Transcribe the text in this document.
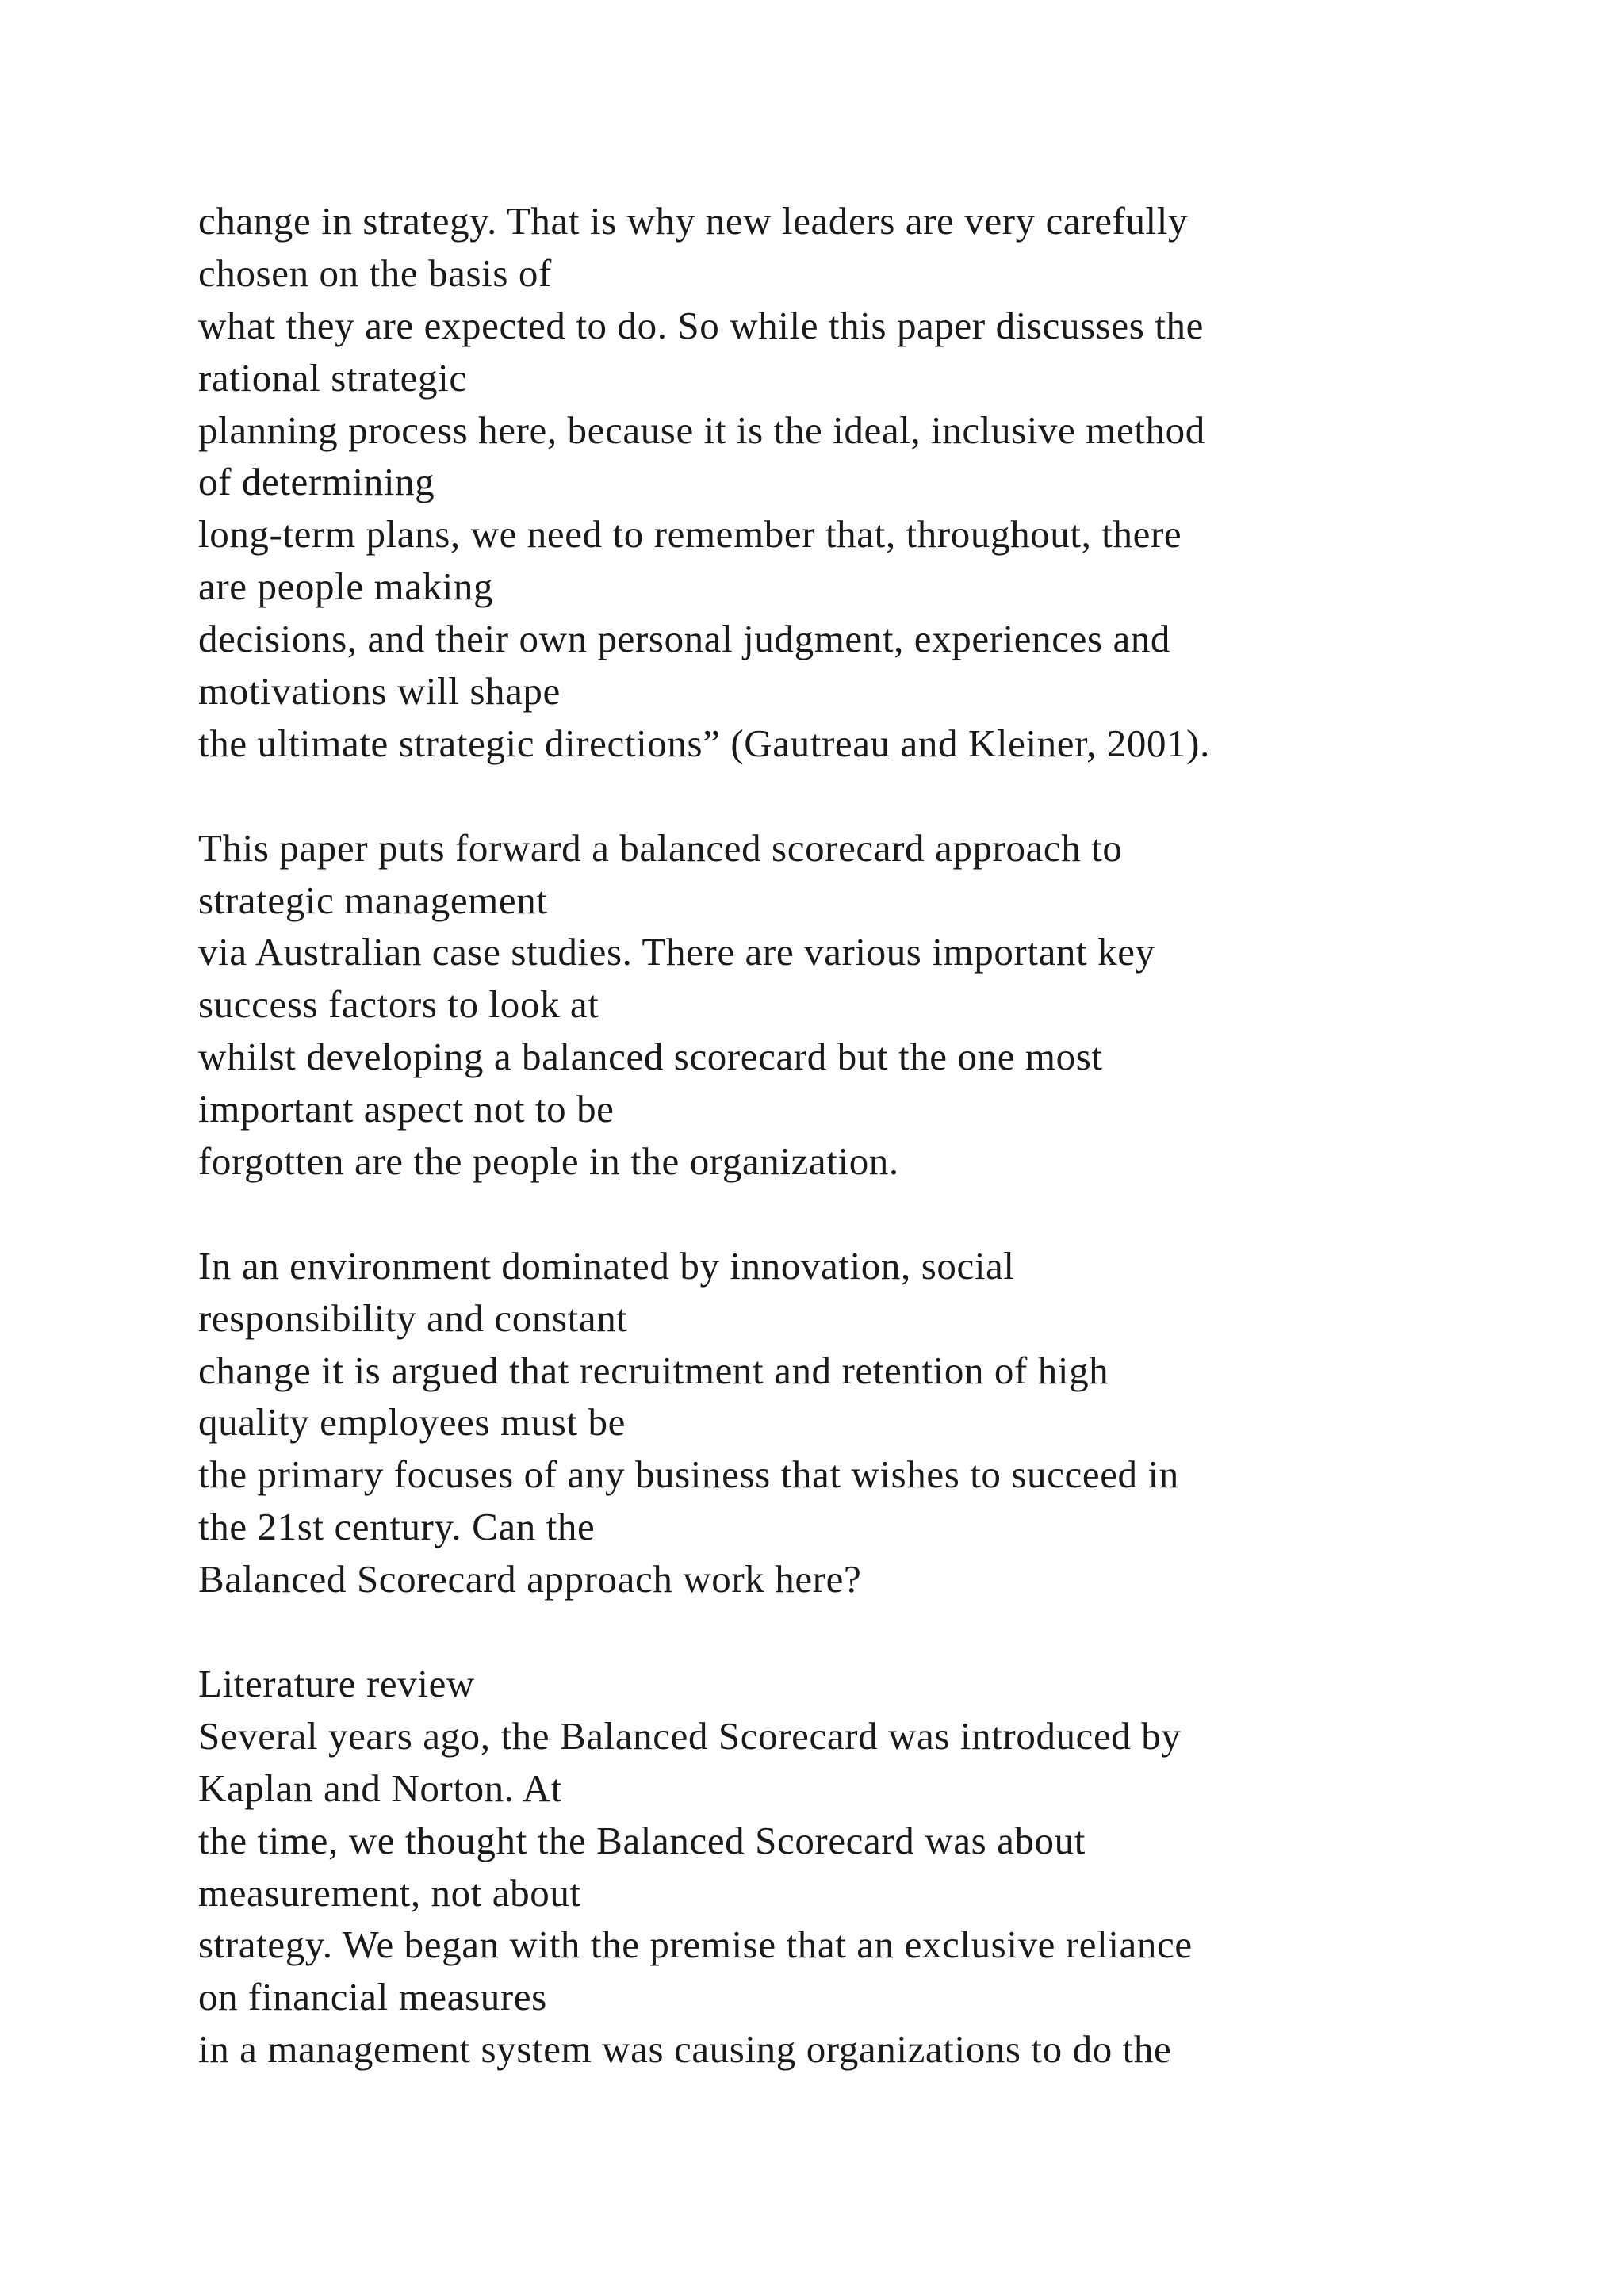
change in strategy. That is why new leaders are very carefully
chosen on the basis of
what they are expected to do. So while this paper discusses the
rational strategic
planning process here, because it is the ideal, inclusive method
of determining
long-term plans, we need to remember that, throughout, there
are people making
decisions, and their own personal judgment, experiences and
motivations will shape
the ultimate strategic directions” (Gautreau and Kleiner, 2001).
This paper puts forward a balanced scorecard approach to
strategic management
via Australian case studies. There are various important key
success factors to look at
whilst developing a balanced scorecard but the one most
important aspect not to be
forgotten are the people in the organization.
In an environment dominated by innovation, social
responsibility and constant
change it is argued that recruitment and retention of high
quality employees must be
the primary focuses of any business that wishes to succeed in
the 21st century. Can the
Balanced Scorecard approach work here?
Literature review
Several years ago, the Balanced Scorecard was introduced by
Kaplan and Norton. At
the time, we thought the Balanced Scorecard was about
measurement, not about
strategy. We began with the premise that an exclusive reliance
on financial measures
in a management system was causing organizations to do the
